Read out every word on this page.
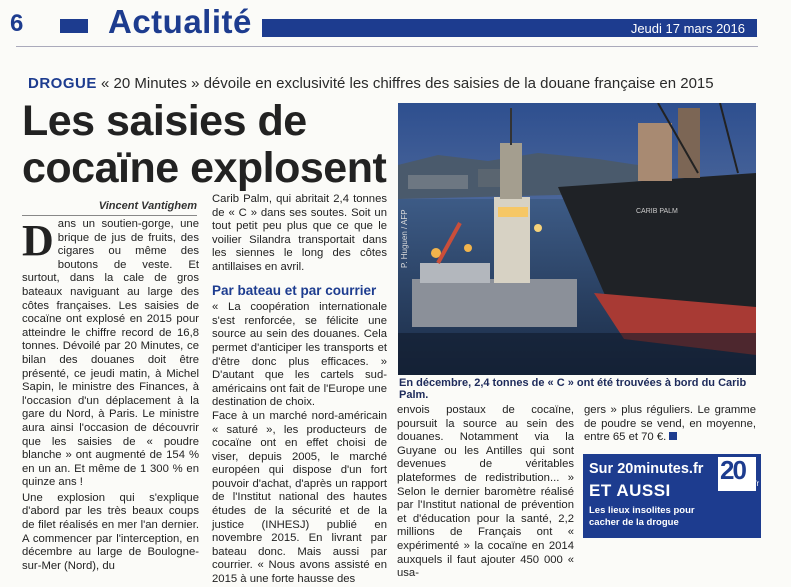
6	Actualité	Jeudi 17 mars 2016
DROGUE « 20 Minutes » dévoile en exclusivité les chiffres des saisies de la douane française en 2015
Les saisies de
cocaïne explosent
Vincent Vantighem
D ans un soutien-gorge, une brique de jus de fruits, des cigares ou même des boutons de veste. Et surtout, dans la cale de gros bateaux naviguant au large des côtes françaises. Les saisies de cocaïne ont explosé en 2015 pour atteindre le chiffre record de 16,8 tonnes. Dévoilé par 20 Minutes, ce bilan des douanes doit être présenté, ce jeudi matin, à Michel Sapin, le ministre des Finances, à l'occasion d'un déplacement à la gare du Nord, à Paris. Le ministre aura ainsi l'occasion de découvrir que les saisies de « poudre blanche » ont augmenté de 154 % en un an. Et même de 1 300 % en quinze ans !

Une explosion qui s'explique d'abord par les très beaux coups de filet réalisés en mer l'an dernier. A commencer par l'interception, en décembre au large de Boulogne-sur-Mer (Nord), du

Carib Palm, qui abritait 2,4 tonnes de « C » dans ses soutes. Soit un tout petit peu plus que ce que le voilier Silandra transportait dans les siennes le long des côtes antillaises en avril.

Par bateau et par courrier

« La coopération internationale s'est renforcée, se félicite une source au sein des douanes. Cela permet d'anticiper les transports et d'être donc plus efficaces. » D'autant que les cartels sud-américains ont fait de l'Europe une destination de choix.

Face à un marché nord-américain « saturé », les producteurs de cocaïne ont en effet choisi de viser, depuis 2005, le marché européen qui dispose d'un fort pouvoir d'achat, d'après un rapport de l'Institut national des hautes études de la sécurité et de la justice (INHESJ) publié en novembre 2015. En livrant par bateau donc. Mais aussi par courrier. « Nous avons assisté en 2015 à une forte hausse des

CARIB PALM
P. Huguen / AFP
En décembre, 2,4 tonnes de « C » ont été trouvées à bord du Carib Palm.

envois postaux de cocaïne, poursuit la source au sein des douanes. Notamment via la Guyane ou les Antilles qui sont devenues de véritables plateformes de redistribution... » Selon le dernier baromètre réalisé par l'Institut national de prévention et d'éducation pour la santé, 2,2 millions de Français ont « expérimenté » la cocaïne en 2014 auxquels il faut ajouter 450 000 « usa-

gers » plus réguliers. Le gramme de poudre se vend, en moyenne, entre 65 et 70 €.

Sur 20minutes.fr
ET AUSSI
Les lieux insolites pour cacher de la drogue
20 .fr
